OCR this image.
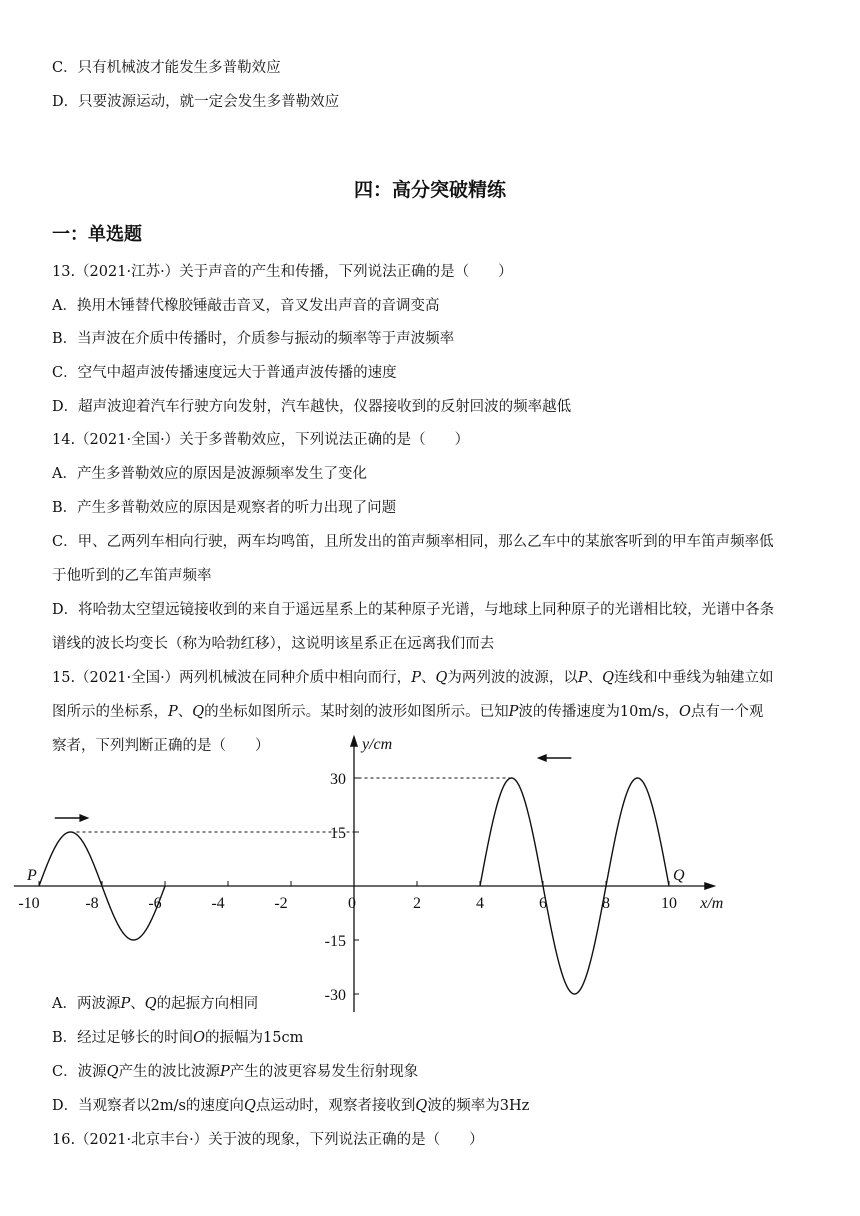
C．只有机械波才能发生多普勒效应
D．只要波源运动，就一定会发生多普勒效应
四：高分突破精练
一：单选题
13.（2021·江苏·）关于声音的产生和传播，下列说法正确的是（　　）
A．换用木锤替代橡胶锤敲击音叉，音叉发出声音的音调变高
B．当声波在介质中传播时，介质参与振动的频率等于声波频率
C．空气中超声波传播速度远大于普通声波传播的速度
D．超声波迎着汽车行驶方向发射，汽车越快，仪器接收到的反射回波的频率越低
14.（2021·全国·）关于多普勒效应，下列说法正确的是（　　）
A．产生多普勒效应的原因是波源频率发生了变化
B．产生多普勒效应的原因是观察者的听力出现了问题
C．甲、乙两列车相向行驶，两车均鸣笛，且所发出的笛声频率相同，那么乙车中的某旅客听到的甲车笛声频率低
于他听到的乙车笛声频率
D．将哈勃太空望远镜接收到的来自于遥远星系上的某种原子光谱，与地球上同种原子的光谱相比较，光谱中各条
谱线的波长均变长（称为哈勃红移），这说明该星系正在远离我们而去
15.（2021·全国·）两列机械波在同种介质中相向而行，P、Q为两列波的波源，以P、Q连线和中垂线为轴建立如
图所示的坐标系，P、Q的坐标如图所示。某时刻的波形如图所示。已知P波的传播速度为10m/s，O点有一个观
察者，下列判断正确的是（　　）
-10	-8	-6	-4	-2	2	4	6	8	10
0
30
15
-15
-30
x/m
y/cm
P	Q
A．两波源P、Q的起振方向相同
B．经过足够长的时间O的振幅为15cm
C．波源Q产生的波比波源P产生的波更容易发生衍射现象
D．当观察者以2m/s的速度向Q点运动时，观察者接收到Q波的频率为3Hz
16.（2021·北京丰台·）关于波的现象，下列说法正确的是（　　）
